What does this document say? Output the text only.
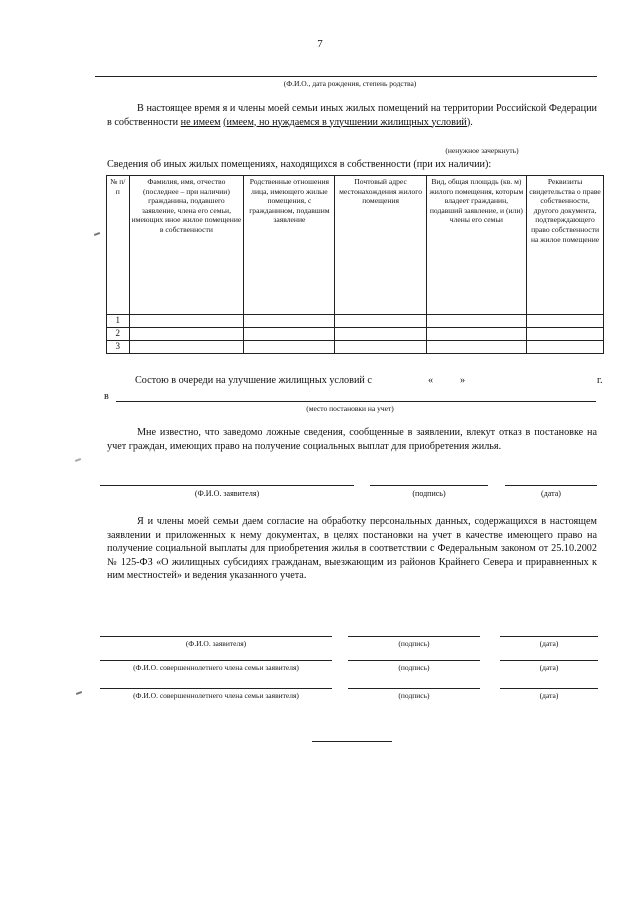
7
(Ф.И.О., дата рождения, степень родства)
В настоящее время я и члены моей семьи иных жилых помещений на территории Российской Федерации в собственности не имеем (имеем, но нуждаемся в улучшении жилищных условий).
(ненужное зачеркнуть)
Сведения об иных жилых помещениях, находящихся в собственности (при их наличии):
№ п/п	Фамилия, имя, отчество (последнее – при наличии) гражданина, подавшего заявление, члена его семьи, имеющих иное жилое помещение в собственности	Родственные отношения лица, имеющего жилые помещения, с гражданином, подавшим заявление	Почтовый адрес местонахождения жилого помещения	Вид, общая площадь (кв. м) жилого помещения, которым владеет гражданин, подавший заявление, и (или) члены его семьи	Реквизиты свидетельства о праве собственности, другого документа, подтверждающего право собственности на жилое помещение
1					
2					
3					
Состою в очереди на улучшение жилищных условий с	«	»	г.
в
(место постановки на учет)
Мне известно, что заведомо ложные сведения, сообщенные в заявлении, влекут отказ в постановке на учет граждан, имеющих право на получение социальных выплат для приобретения жилья.
(Ф.И.О. заявителя)	(подпись)	(дата)
Я и члены моей семьи даем согласие на обработку персональных данных, содержащихся в настоящем заявлении и приложенных к нему документах, в целях постановки на учет в качестве имеющего право на получение социальной выплаты для приобретения жилья в соответствии с Федеральным законом от 25.10.2002 № 125-ФЗ «О жилищных субсидиях гражданам, выезжающим из районов Крайнего Севера и приравненных к ним местностей» и ведения указанного учета.
(Ф.И.О. заявителя)	(подпись)	(дата)
(Ф.И.О. совершеннолетнего члена семьи заявителя)	(подпись)	(дата)
(Ф.И.О. совершеннолетнего члена семьи заявителя)	(подпись)	(дата)
